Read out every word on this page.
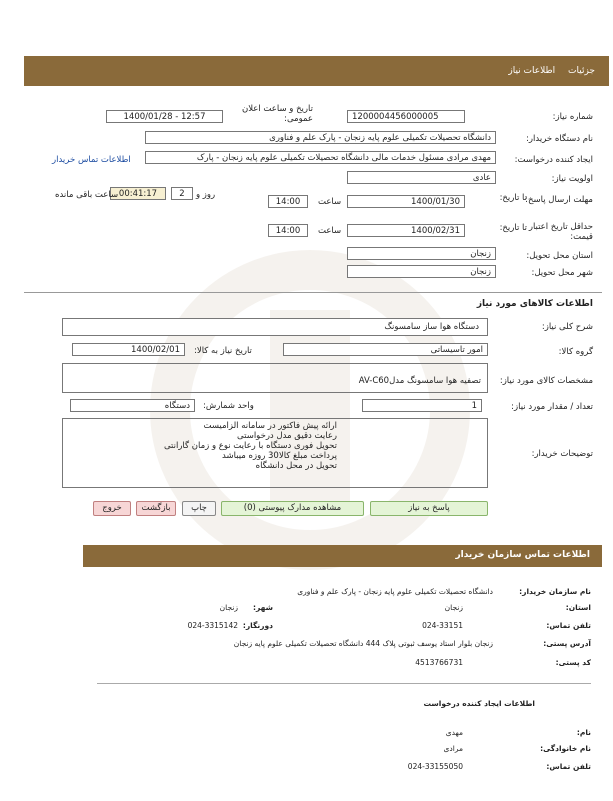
جزئیات اطلاعات نیاز
شماره نیاز:
1200004456000005
تاریخ و ساعت اعلان عمومی:
1400/01/28 - 12:57
نام دستگاه خریدار:
دانشگاه تحصیلات تکمیلی علوم پایه زنجان - پارک علم و فناوری
ایجاد کننده درخواست:
مهدی مرادی مسئول خدمات مالی دانشگاه تحصیلات تکمیلی علوم پایه زنجان - پارک
اطلاعات تماس خریدار
اولویت نیاز:
عادی
مهلت ارسال پاسخ:
تا تاریخ:
1400/01/30
ساعت
14:00
2	روز و
00:41:17
ساعت باقی مانده
حداقل تاریخ اعتبار قیمت:
تا تاریخ:
1400/02/31
ساعت
14:00
استان محل تحویل:
زنجان
شهر محل تحویل:
زنجان
اطلاعات کالاهای مورد نیاز
شرح کلی نیاز:
دستگاه هوا ساز سامسونگ
گروه کالا:
امور تاسیساتی
تاریخ نیاز به کالا:
1400/02/01
مشخصات کالای مورد نیاز:

تصفیه هوا سامسونگ مدلAV-C60

تعداد / مقدار مورد نیاز:
1
واحد شمارش:
دستگاه
توضیحات خریدار:
ارائه پیش فاکتور در سامانه الزامیست
رعایت دقیق مدل درخواستی
تحویل فوری دستگاه با رعایت نوع و زمان گارانتی
پرداخت مبلغ کالا30 روزه میباشد
تحویل در محل دانشگاه
پاسخ به نیاز
مشاهده مدارک پیوستی (0)
چاپ
بازگشت
خروج
اطلاعات تماس سازمان خریدار
نام سازمان خریدار:
دانشگاه تحصیلات تکمیلی علوم پایه زنجان - پارک علم و فناوری
استان:
زنجان
شهر:
زنجان
تلفن تماس:
024-33151
دورنگار:
024-3315142
آدرس پستی:
زنجان بلوار استاد یوسف ثبوتی پلاک 444 دانشگاه تحصیلات تکمیلی علوم پایه زنجان
کد پستی:
4513766731
اطلاعات ایجاد کننده درخواست
نام:
مهدی
نام خانوادگی:
مرادی
تلفن تماس:
024-33155050
